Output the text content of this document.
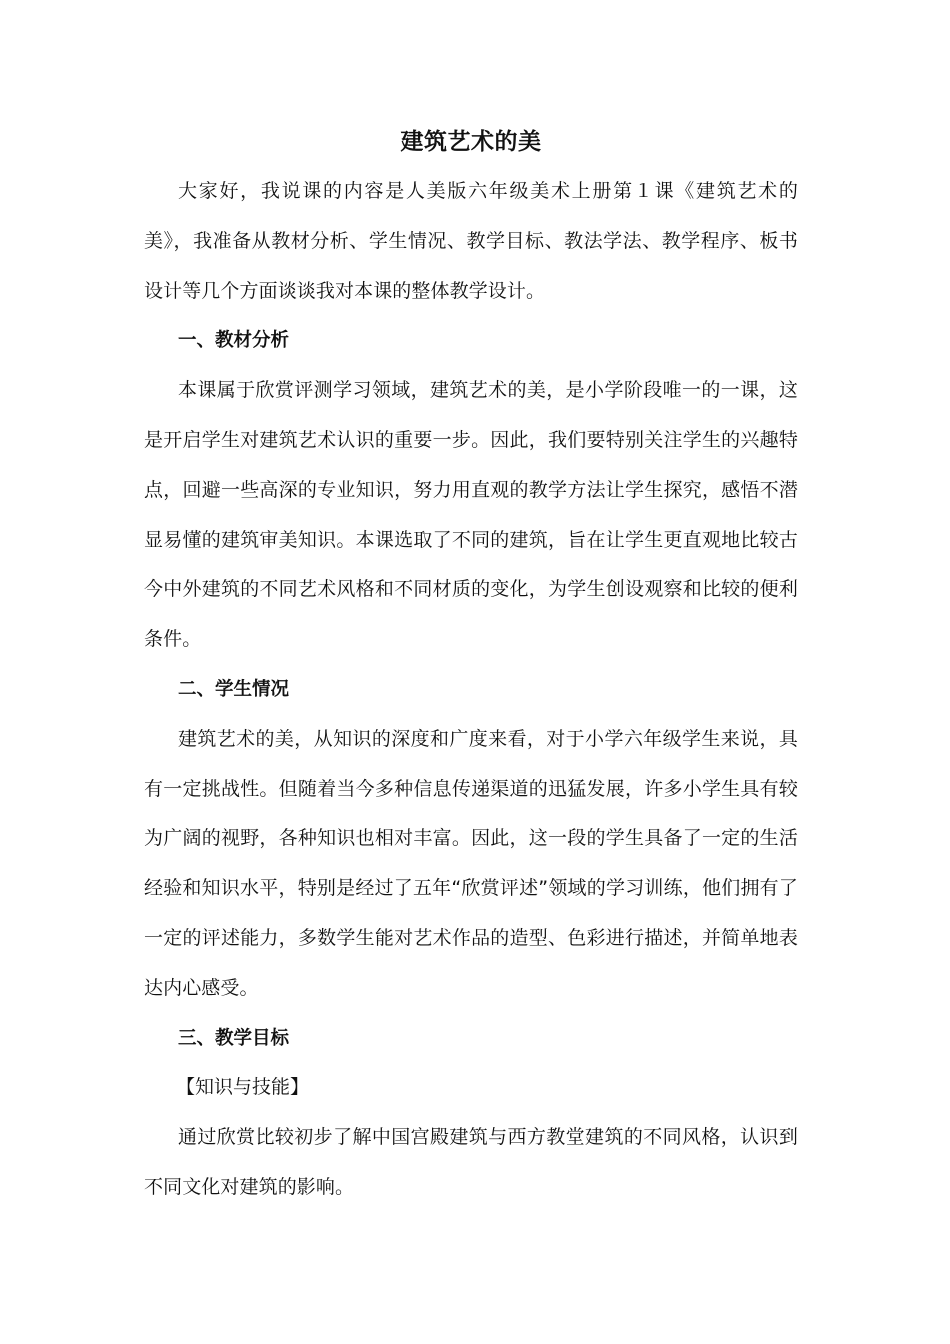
建筑艺术的美

大家好，我说课的内容是人美版六年级美术上册第１课《建筑艺术的美》，我准备从教材分析、学生情况、教学目标、教法学法、教学程序、板书设计等几个方面谈谈我对本课的整体教学设计。

一、教材分析

本课属于欣赏评测学习领域，建筑艺术的美，是小学阶段唯一的一课，这是开启学生对建筑艺术认识的重要一步。因此，我们要特别关注学生的兴趣特点，回避一些高深的专业知识，努力用直观的教学方法让学生探究，感悟不潜显易懂的建筑审美知识。本课选取了不同的建筑，旨在让学生更直观地比较古今中外建筑的不同艺术风格和不同材质的变化，为学生创设观察和比较的便利条件。

二、学生情况

建筑艺术的美，从知识的深度和广度来看，对于小学六年级学生来说，具有一定挑战性。但随着当今多种信息传递渠道的迅猛发展，许多小学生具有较为广阔的视野，各种知识也相对丰富。因此，这一段的学生具备了一定的生活经验和知识水平，特别是经过了五年“欣赏评述”领域的学习训练，他们拥有了一定的评述能力，多数学生能对艺术作品的造型、色彩进行描述，并简单地表达内心感受。

三、教学目标

【知识与技能】

通过欣赏比较初步了解中国宫殿建筑与西方教堂建筑的不同风格，认识到不同文化对建筑的影响。
